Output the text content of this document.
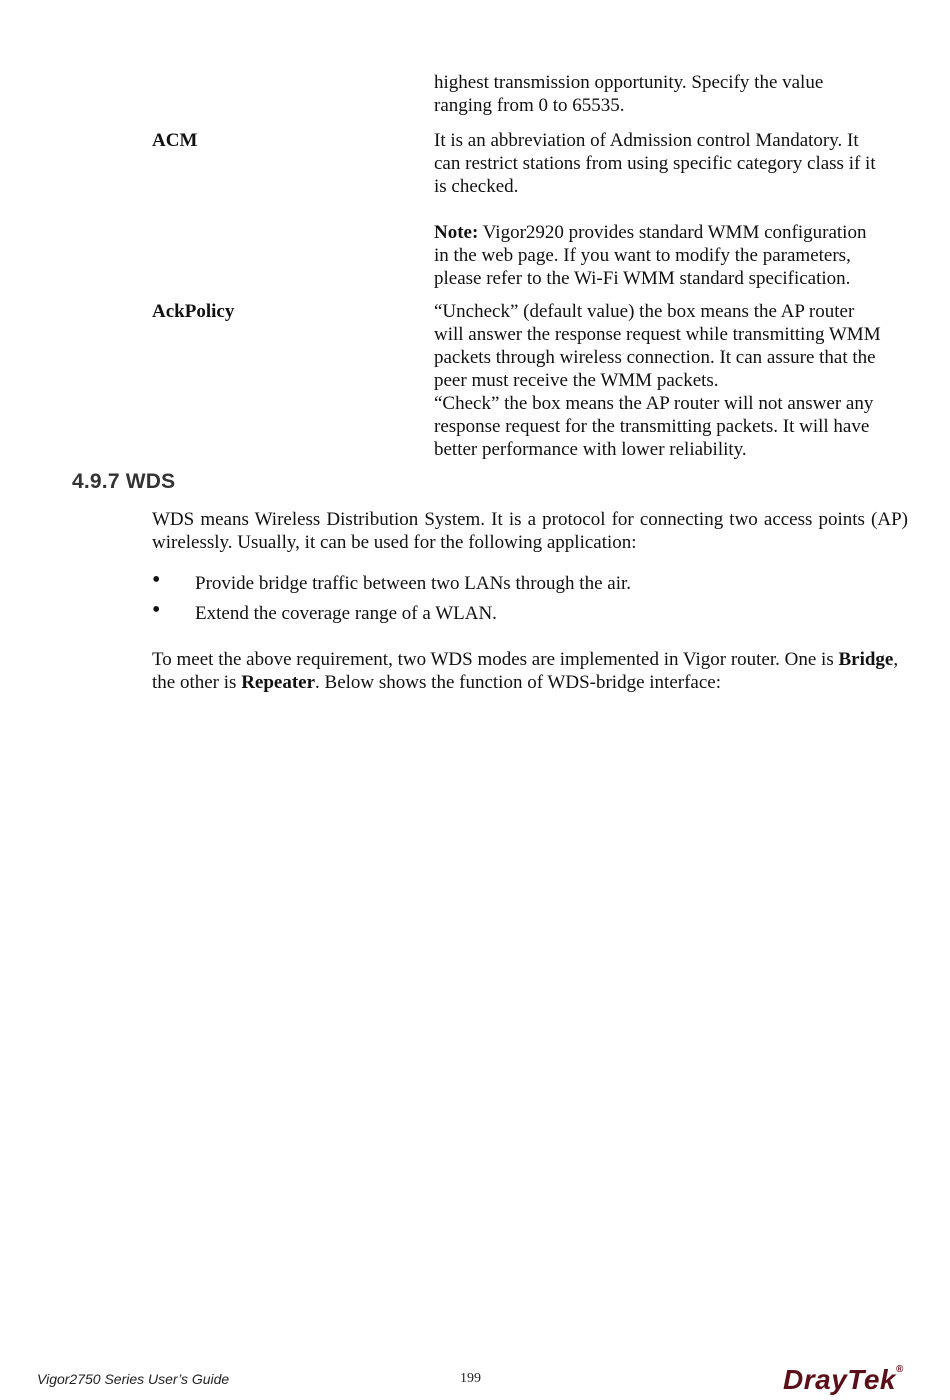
highest transmission opportunity. Specify the value
ranging from 0 to 65535.
ACM	It is an abbreviation of Admission control Mandatory. It
can restrict stations from using specific category class if it
is checked.
Note: Vigor2920 provides standard WMM configuration
in the web page. If you want to modify the parameters,
please refer to the Wi-Fi WMM standard specification.
AckPolicy	“Uncheck” (default value) the box means the AP router
will answer the response request while transmitting WMM
packets through wireless connection. It can assure that the
peer must receive the WMM packets.
“Check” the box means the AP router will not answer any
response request for the transmitting packets. It will have
better performance with lower reliability.
4.9.7 WDS

WDS means Wireless Distribution System. It is a protocol for connecting two access points (AP) wirelessly. Usually, it can be used for the following application:

• Provide bridge traffic between two LANs through the air.
• Extend the coverage range of a WLAN.

To meet the above requirement, two WDS modes are implemented in Vigor router. One is Bridge, the other is Repeater. Below shows the function of WDS-bridge interface:

Vigor2750 Series User’s Guide	199	DrayTek®
